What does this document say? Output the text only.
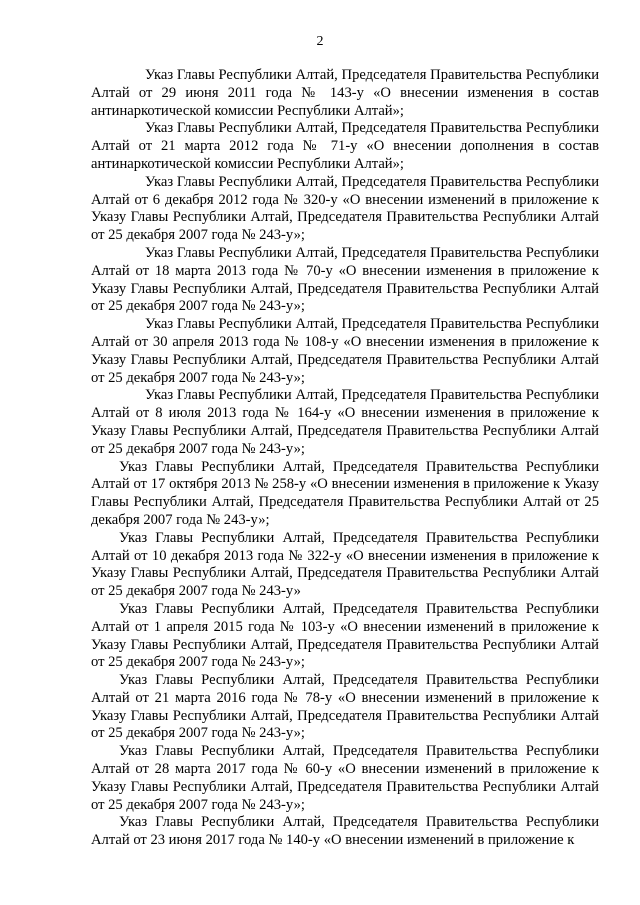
2

Указ Главы Республики Алтай, Председателя Правительства Республики Алтай от 29 июня 2011 года № 143-у «О внесении изменения в состав антинаркотической комиссии Республики Алтай»;

Указ Главы Республики Алтай, Председателя Правительства Республики Алтай от 21 марта 2012 года № 71-у «О внесении дополнения в состав антинаркотической комиссии Республики Алтай»;

Указ Главы Республики Алтай, Председателя Правительства Республики Алтай от 6 декабря 2012 года № 320-у «О внесении изменений в приложение к Указу Главы Республики Алтай, Председателя Правительства Республики Алтай от 25 декабря 2007 года № 243-у»;

Указ Главы Республики Алтай, Председателя Правительства Республики Алтай от 18 марта 2013 года № 70-у «О внесении изменения в приложение к Указу Главы Республики Алтай, Председателя Правительства Республики Алтай от 25 декабря 2007 года № 243-у»;

Указ Главы Республики Алтай, Председателя Правительства Республики Алтай от 30 апреля 2013 года № 108-у «О внесении изменения в приложение к Указу Главы Республики Алтай, Председателя Правительства Республики Алтай от 25 декабря 2007 года № 243-у»;

Указ Главы Республики Алтай, Председателя Правительства Республики Алтай от 8 июля 2013 года № 164-у «О внесении изменения в приложение к Указу Главы Республики Алтай, Председателя Правительства Республики Алтай от 25 декабря 2007 года № 243-у»;

Указ Главы Республики Алтай, Председателя Правительства Республики Алтай от 17 октября 2013 № 258-у «О внесении изменения в приложение к Указу Главы Республики Алтай, Председателя Правительства Республики Алтай от 25 декабря 2007 года № 243-у»;

Указ Главы Республики Алтай, Председателя Правительства Республики Алтай от 10 декабря 2013 года № 322-у «О внесении изменения в приложение к Указу Главы Республики Алтай, Председателя Правительства Республики Алтай от 25 декабря 2007 года № 243-у»

Указ Главы Республики Алтай, Председателя Правительства Республики Алтай от 1 апреля 2015 года № 103-у «О внесении изменений в приложение к Указу Главы Республики Алтай, Председателя Правительства Республики Алтай от 25 декабря 2007 года № 243-у»;

Указ Главы Республики Алтай, Председателя Правительства Республики Алтай от 21 марта 2016 года № 78-у «О внесении изменений в приложение к Указу Главы Республики Алтай, Председателя Правительства Республики Алтай от 25 декабря 2007 года № 243-у»;

Указ Главы Республики Алтай, Председателя Правительства Республики Алтай от 28 марта 2017 года № 60-у «О внесении изменений в приложение к Указу Главы Республики Алтай, Председателя Правительства Республики Алтай от 25 декабря 2007 года № 243-у»;

Указ Главы Республики Алтай, Председателя Правительства Республики Алтай от 23 июня 2017 года № 140-у «О внесении изменений в приложение к
